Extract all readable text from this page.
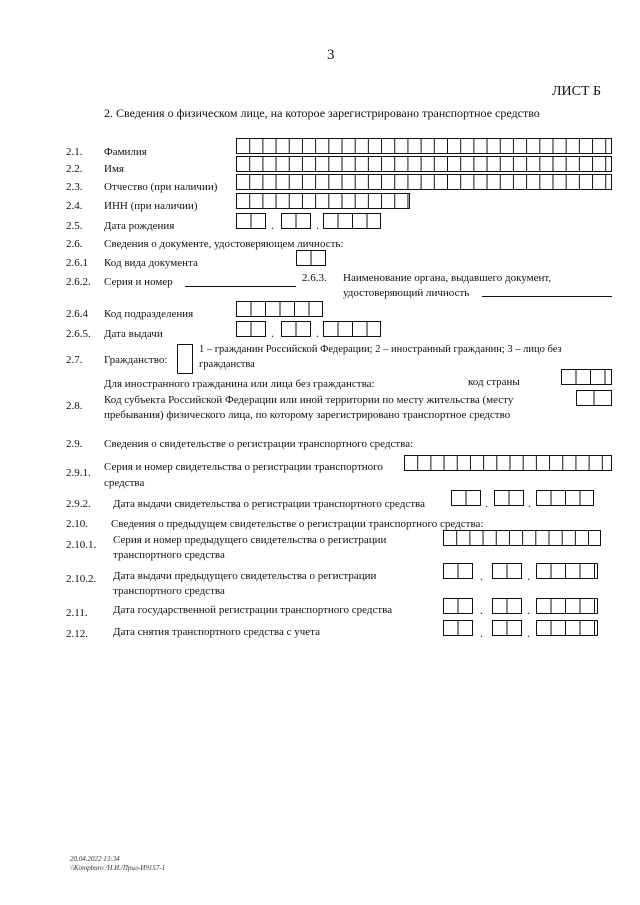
3
ЛИСТ Б
2. Сведения о физическом лице, на которое зарегистрировано транспортное средство
2.1. Фамилия
2.2. Имя
2.3. Отчество (при наличии)
2.4. ИНН (при наличии)
2.5. Дата рождения	.	.
2.6. Сведения о документе, удостоверяющем личность:
2.6.1 Код вида документа
2.6.2. Серия и номер	2.6.3. Наименование органа, выдавшего документ,
удостоверяющий личность
2.6.4 Код подразделения
2.6.5. Дата выдачи	.	.
2.7. Гражданство:
1 – гражданин Российской Федерации; 2 – иностранный гражданин; 3 – лицо без
гражданства
Для иностранного гражданина или лица без гражданства:	код страны
2.8. Код субъекта Российской Федерации или иной территории по месту жительства (месту
пребывания) физического лица, по которому зарегистрировано транспортное средство
2.9. Сведения о свидетельстве о регистрации транспортного средства:
2.9.1. Серия и номер свидетельства о регистрации транспортного
средства
2.9.2. Дата выдачи свидетельства о регистрации транспортного средства	.	.
2.10. Сведения о предыдущем свидетельстве о регистрации транспортного средства:
2.10.1. Серия и номер предыдущего свидетельства о регистрации
транспортного средства
2.10.2. Дата выдачи предыдущего свидетельства о регистрации
транспортного средства
.	.
2.11. Дата государственной регистрации транспортного средства	.	.
2.12. Дата снятия транспортного средства с учета	.	.
20.04.2022 13:34
\\Kompburo /Н.И./Прил-И9157-1
